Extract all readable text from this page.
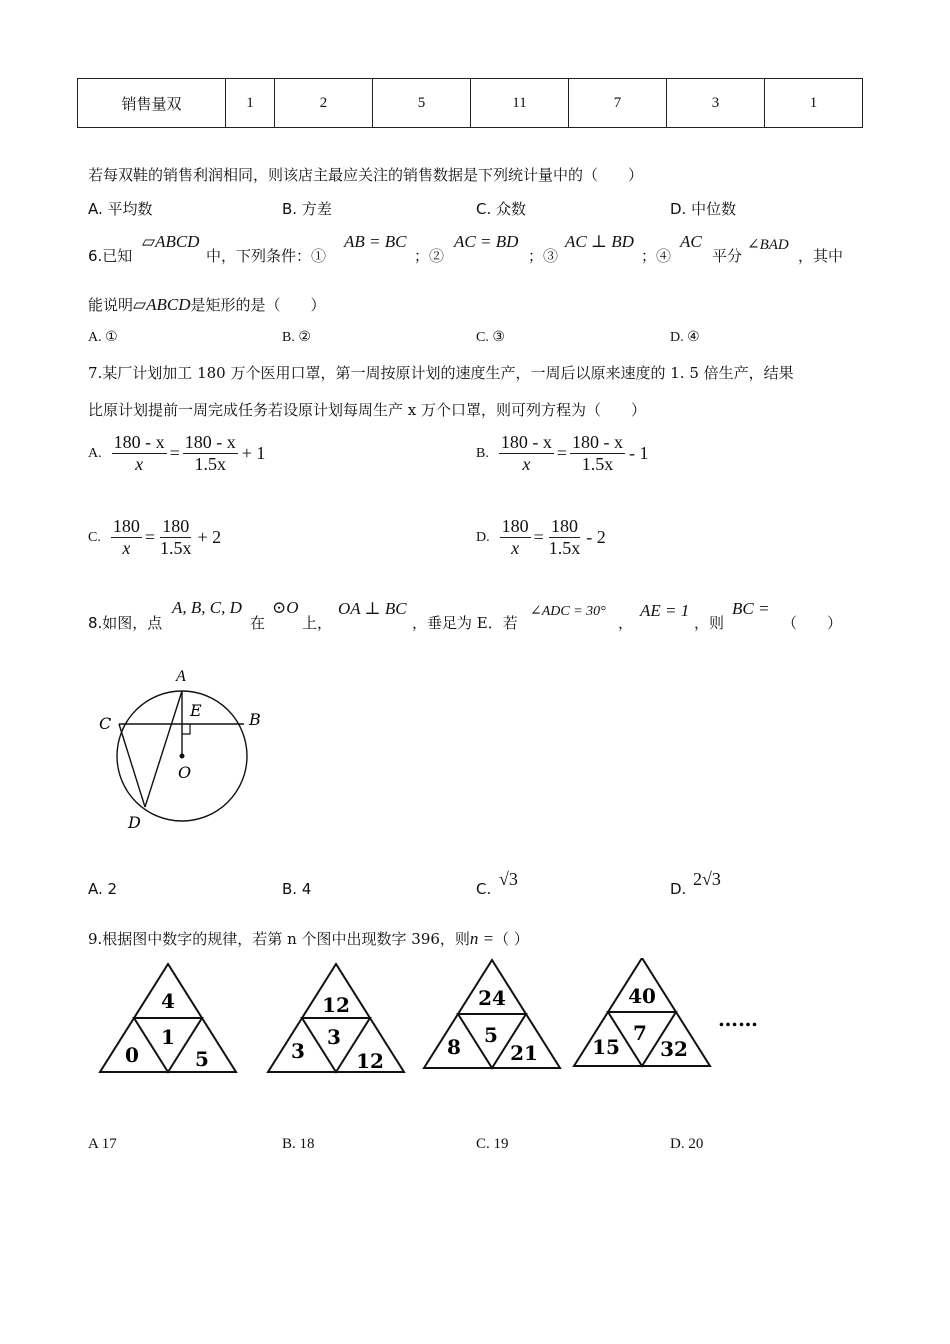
销售量双	1	2	5	11	7	3	1
若每双鞋的销售利润相同，则该店主最应关注的销售数据是下列统计量中的（　　）
A. 平均数	B. 方差	C. 众数	D. 中位数
6.已知
▱ABCD
中，下列条件：①
AB = BC
；②
AC = BD
；③
AC ⊥ BD
；④
AC
平分
∠BAD
，其中
能说明▱ABCD是矩形的是（　　）
A. ①	B. ②	C. ③	D. ④
7.某厂计划加工 180 万个医用口罩，第一周按原计划的速度生产，一周后以原来速度的 1. 5 倍生产，结果
比原计划提前一周完成任务若设原计划每周生产 x 万个口罩，则可列方程为（　　）
A. $\frac{180 - x}{x} = \frac{180 - x}{1.5x} + 1$	B. $\frac{180 - x}{x} = \frac{180 - x}{1.5x} - 1$
C. $\frac{180}{x} = \frac{180}{1.5x} + 2$	D. $\frac{180}{x} = \frac{180}{1.5x} - 2$
8.如图，点
A, B, C, D
在
⊙O
上，
OA ⊥ BC
，垂足为 E．若
∠ADC = 30°
，
AE = 1
，则
BC =
（　　）
A
B
C
D
E
O
A. 2	B. 4	C. √3	D. 2√3
9.根据图中数字的规律，若第 n 个图中出现数字 396，则n =（ ）
4
1
0	5
12
3
3	12
24
5
8 21
40
7
15 32
……
A 17	B. 18	C. 19	D. 20
